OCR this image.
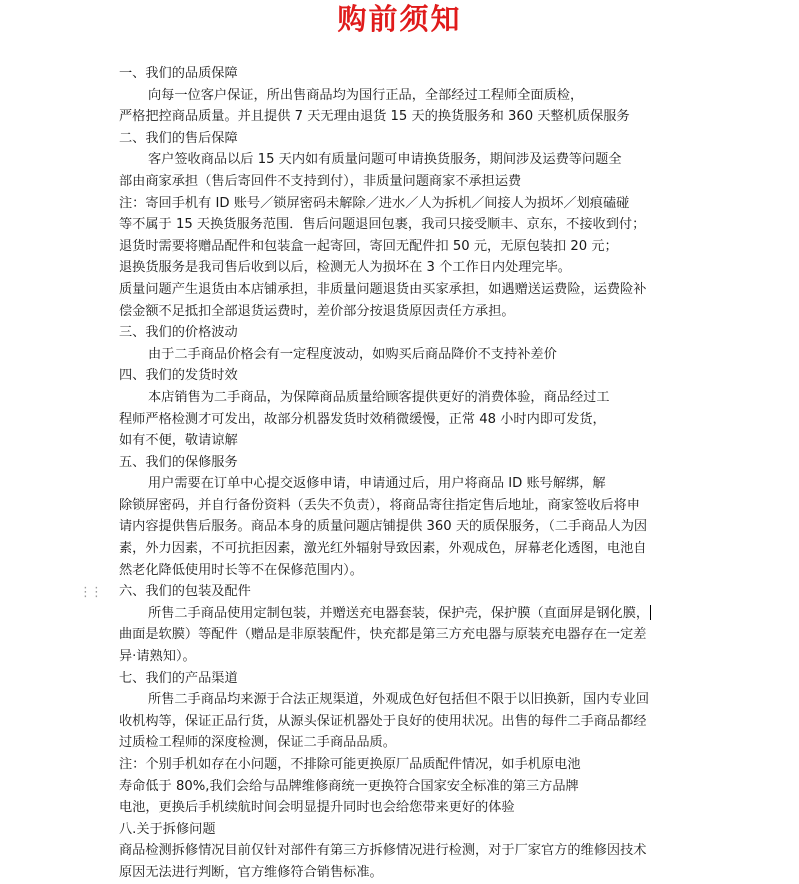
购前须知
⋮⋮
一、我们的品质保障
向每一位客户保证，所出售商品均为国行正品，全部经过工程师全面质检，
严格把控商品质量。并且提供 7 天无理由退货 15 天的换货服务和 360 天整机质保服务
二、我们的售后保障
客户签收商品以后 15 天内如有质量问题可申请换货服务，期间涉及运费等问题全
部由商家承担（售后寄回件不支持到付），非质量问题商家不承担运费
注：寄回手机有 ID 账号／锁屏密码未解除／进水／人为拆机／间接人为损坏／划痕磕碰
等不属于 15 天换货服务范围．售后问题退回包裹，我司只接受顺丰、京东，不接收到付；
退货时需要将赠品配件和包装盒一起寄回，寄回无配件扣 50 元，无原包装扣 20 元；
退换货服务是我司售后收到以后，检测无人为损坏在 3 个工作日内处理完毕。
质量问题产生退货由本店铺承担，非质量问题退货由买家承担，如遇赠送运费险，运费险补
偿金额不足抵扣全部退货运费时，差价部分按退货原因责任方承担。
三、我们的价格波动
由于二手商品价格会有一定程度波动，如购买后商品降价不支持补差价
四、我们的发货时效
本店销售为二手商品，为保障商品质量给顾客提供更好的消费体验，商品经过工
程师严格检测才可发出，故部分机器发货时效稍微缓慢，正常 48 小时内即可发货，
如有不便，敬请谅解
五、我们的保修服务
用户需要在订单中心提交返修申请，申请通过后，用户将商品 ID 账号解绑，解
除锁屏密码，并自行备份资料（丢失不负责），将商品寄往指定售后地址，商家签收后将申
请内容提供售后服务。商品本身的质量问题店铺提供 360 天的质保服务，（二手商品人为因
素，外力因素，不可抗拒因素，激光红外辐射导致因素，外观成色，屏幕老化透图，电池自
然老化降低使用时长等不在保修范围内）。
六、我们的包装及配件
所售二手商品使用定制包装，并赠送充电器套装，保护壳，保护膜（直面屏是钢化膜，
曲面是软膜）等配件（赠品是非原装配件，快充都是第三方充电器与原装充电器存在一定差
异·请熟知）。
七、我们的产品渠道
所售二手商品均来源于合法正规渠道，外观成色好包括但不限于以旧换新，国内专业回
收机构等，保证正品行货，从源头保证机器处于良好的使用状况。出售的每件二手商品都经
过质检工程师的深度检测，保证二手商品品质。
注：个别手机如存在小问题，不排除可能更换原厂品质配件情况，如手机原电池
寿命低于 80%,我们会给与品牌维修商统一更换符合国家安全标准的第三方品牌
电池，更换后手机续航时间会明显提升同时也会给您带来更好的体验
八.关于拆修问题
商品检测拆修情况目前仅针对部件有第三方拆修情况进行检测，对于厂家官方的维修因技术
原因无法进行判断，官方维修符合销售标准。
